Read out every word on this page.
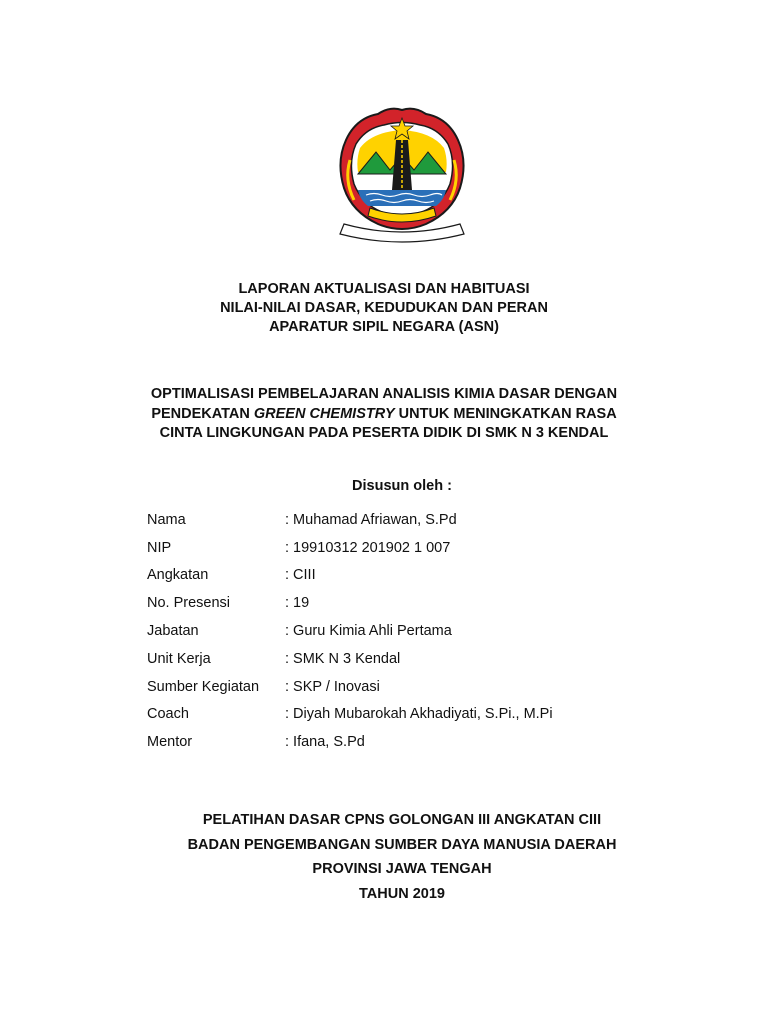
LAPORAN AKTUALISASI DAN HABITUASI
NILAI-NILAI DASAR, KEDUDUKAN DAN PERAN
APARATUR SIPIL NEGARA (ASN)
OPTIMALISASI PEMBELAJARAN ANALISIS KIMIA DASAR DENGAN
PENDEKATAN GREEN CHEMISTRY UNTUK MENINGKATKAN RASA
CINTA LINGKUNGAN PADA PESERTA DIDIK DI SMK N 3 KENDAL
Disusun oleh :
Nama	: Muhamad Afriawan, S.Pd
NIP	: 19910312 201902 1 007
Angkatan	: CIII
No. Presensi	: 19
Jabatan	: Guru Kimia Ahli Pertama
Unit Kerja	: SMK N 3 Kendal
Sumber Kegiatan	: SKP / Inovasi
Coach	: Diyah Mubarokah Akhadiyati, S.Pi., M.Pi
Mentor	: Ifana, S.Pd
PELATIHAN DASAR CPNS GOLONGAN III ANGKATAN CIII
BADAN PENGEMBANGAN SUMBER DAYA MANUSIA DAERAH
PROVINSI JAWA TENGAH
TAHUN 2019
